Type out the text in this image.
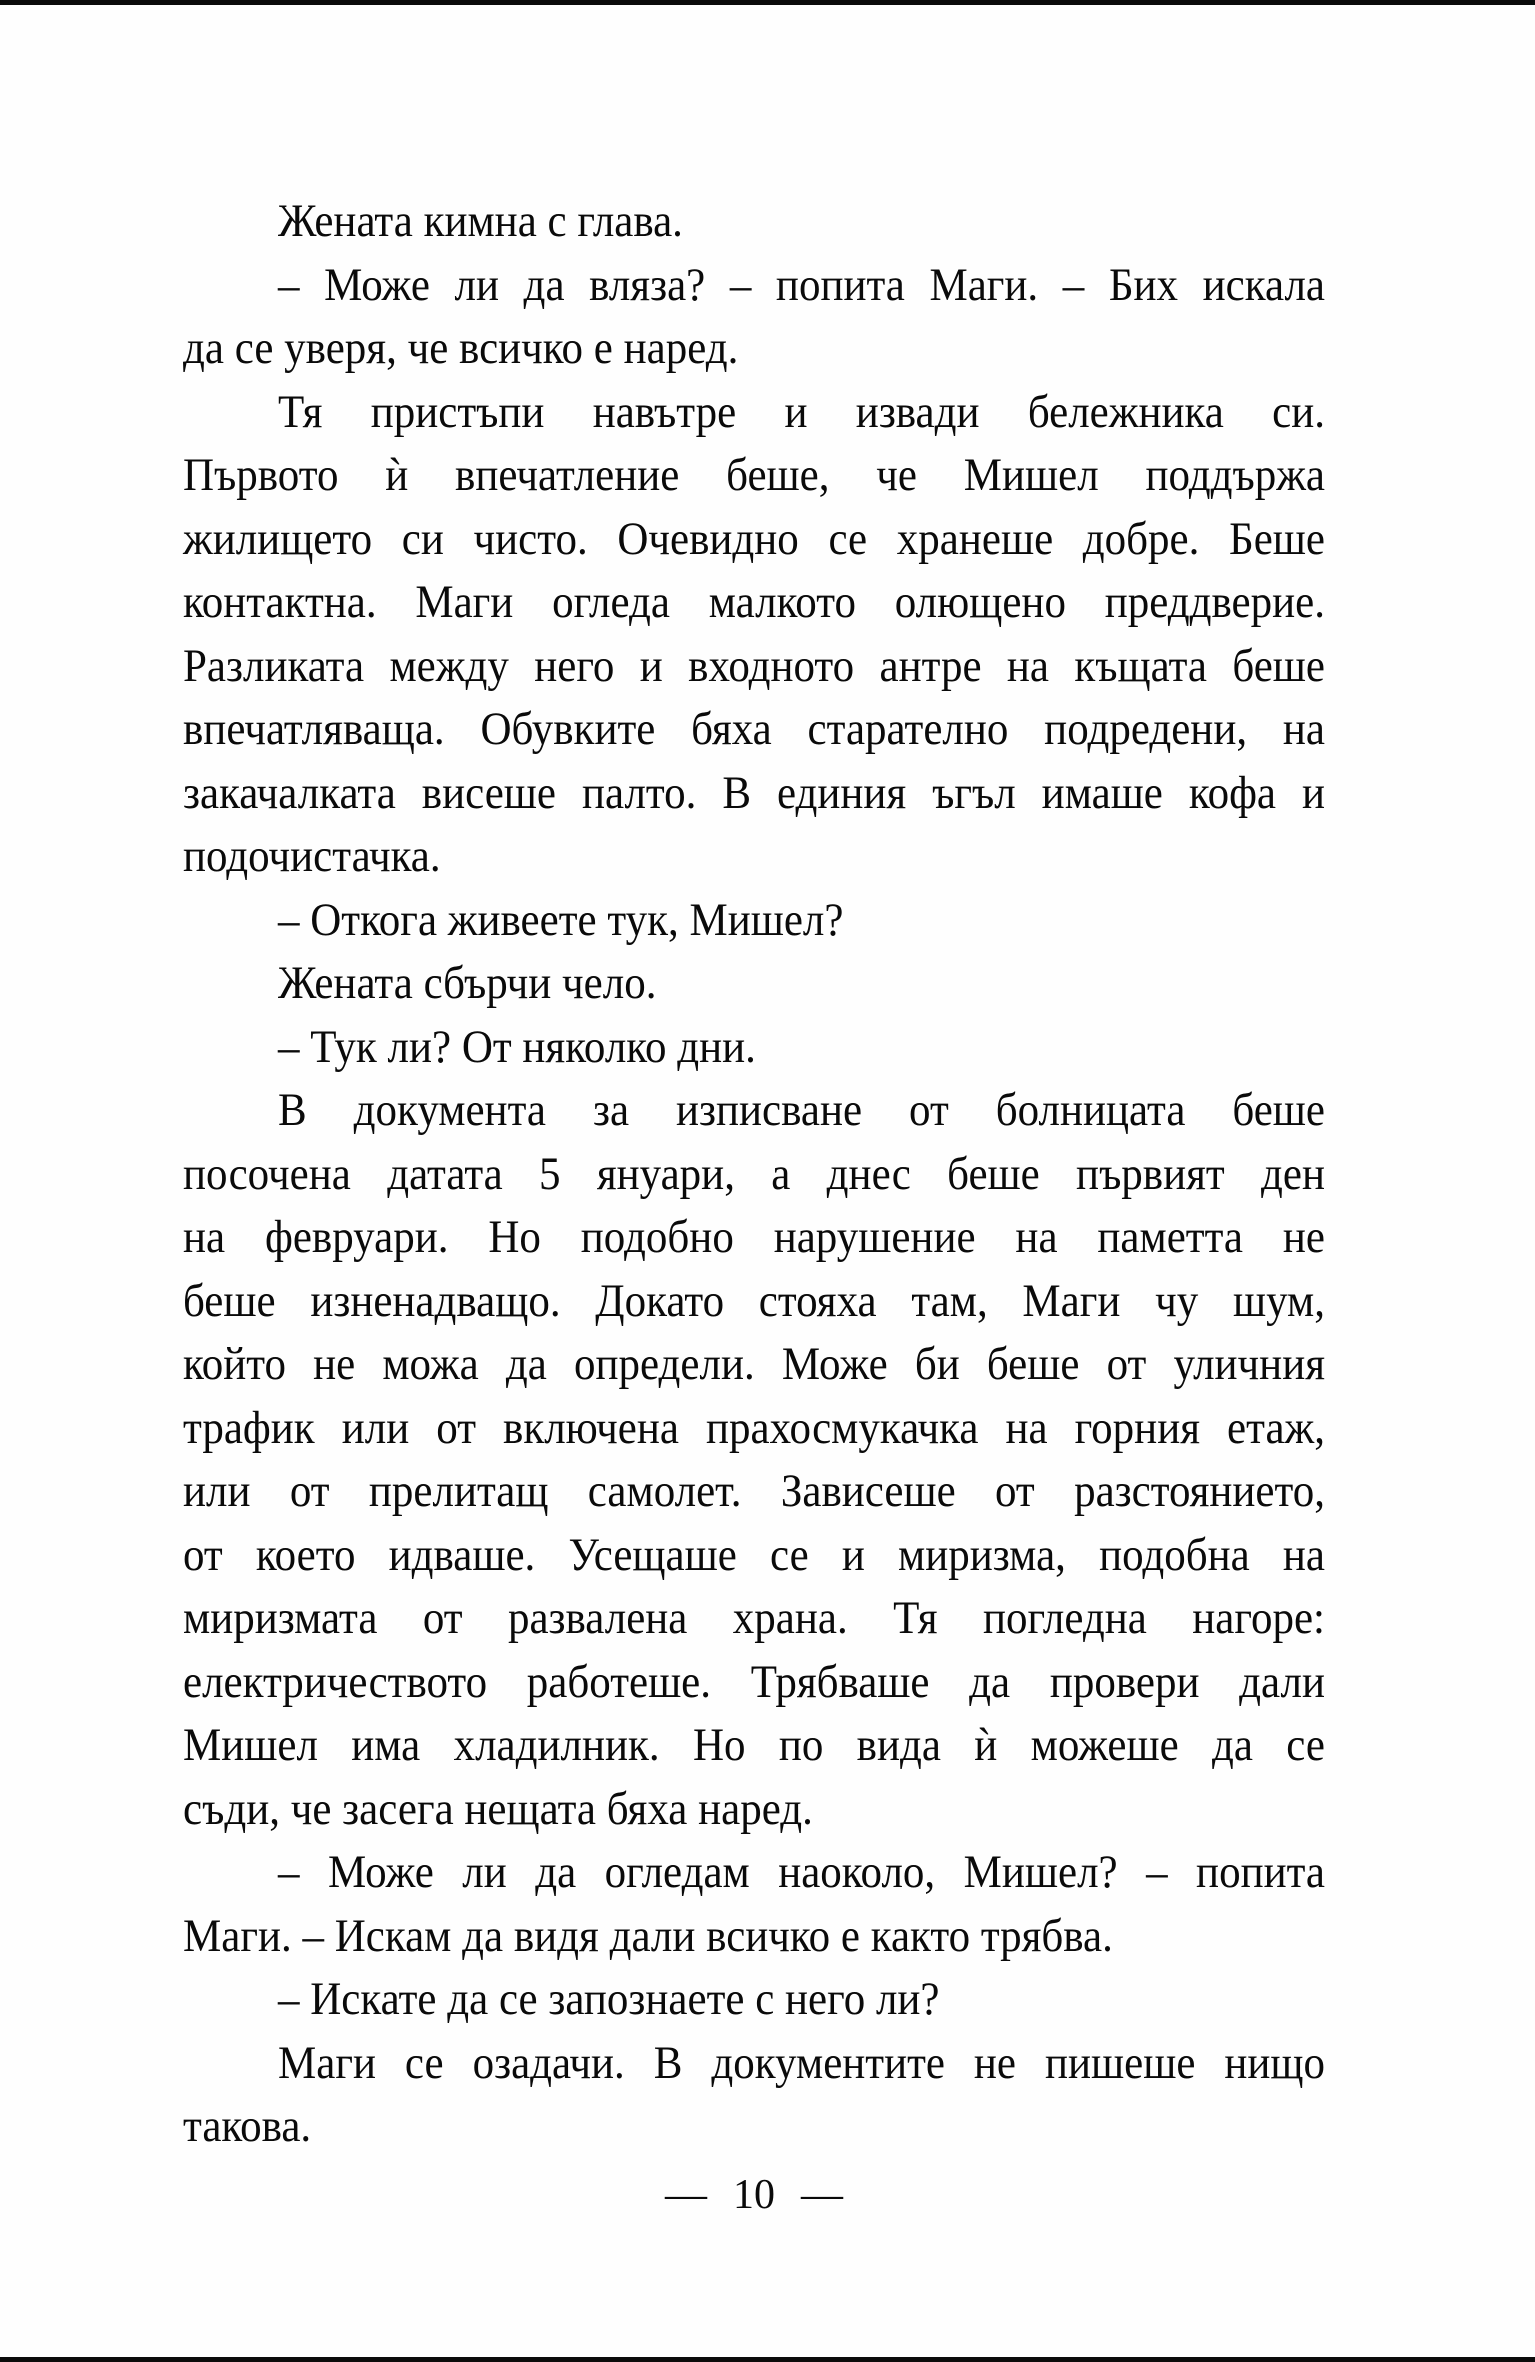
Жената кимна с глава.
– Може ли да вляза? – попита Маги. – Бих искала
да се уверя, че всичко е наред.
Тя пристъпи навътре и извади бележника си.
Първото ѝ впечатление беше, че Мишел поддържа
жилището си чисто. Очевидно се хранеше добре. Беше
контактна. Маги огледа малкото олющено преддверие.
Разликата между него и входното антре на къщата беше
впечатляваща. Обувките бяха старателно подредени, на
закачалката висеше палто. В единия ъгъл имаше кофа и
подочистачка.
– Откога живеете тук, Мишел?
Жената сбърчи чело.
– Тук ли? От няколко дни.
В документа за изписване от болницата беше
посочена датата 5 януари, а днес беше първият ден
на февруари. Но подобно нарушение на паметта не
беше изненадващо. Докато стояха там, Маги чу шум,
който не можа да определи. Може би беше от уличния
трафик или от включена прахосмукачка на горния етаж,
или от прелитащ самолет. Зависеше от разстоянието,
от което идваше. Усещаше се и миризма, подобна на
миризмата от развалена храна. Тя погледна нагоре:
електричеството работеше. Трябваше да провери дали
Мишел има хладилник. Но по вида ѝ можеше да се
съди, че засега нещата бяха наред.
– Може ли да огледам наоколо, Мишел? – попита
Маги. – Искам да видя дали всичко е както трябва.
– Искате да се запознаете с него ли?
Маги се озадачи. В документите не пишеше нищо
такова.
— 10 —
